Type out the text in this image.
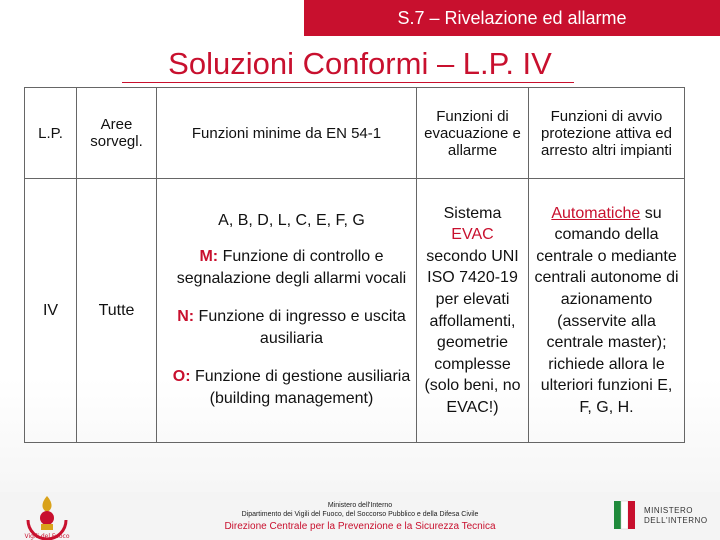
S.7 – Rivelazione ed allarme
Soluzioni Conformi – L.P. IV
L.P.	Aree sorvegl.	Funzioni minime da EN 54-1	Funzioni di evacuazione e allarme	Funzioni di avvio protezione attiva ed arresto altri impianti
IV	Tutte	A, B, D, L, C, E, F, G
M: Funzione di controllo e segnalazione degli allarmi vocali
N: Funzione di ingresso e uscita ausiliaria
O: Funzione di gestione ausiliaria (building management)	Sistema EVAC secondo UNI ISO 7420-19 per elevati affollamenti, geometrie complesse (solo beni, no EVAC!)	Automatiche su comando della centrale o mediante centrali autonome di azionamento (asservite alla centrale master); richiede allora le ulteriori funzioni E, F, G, H.
Ministero dell'Interno
Dipartimento dei Vigili del Fuoco, del Soccorso Pubblico e della Difesa Civile
Direzione Centrale per la Prevenzione e la Sicurezza Tecnica
Vigili del Fuoco
MINISTERO
DELL'INTERNO
